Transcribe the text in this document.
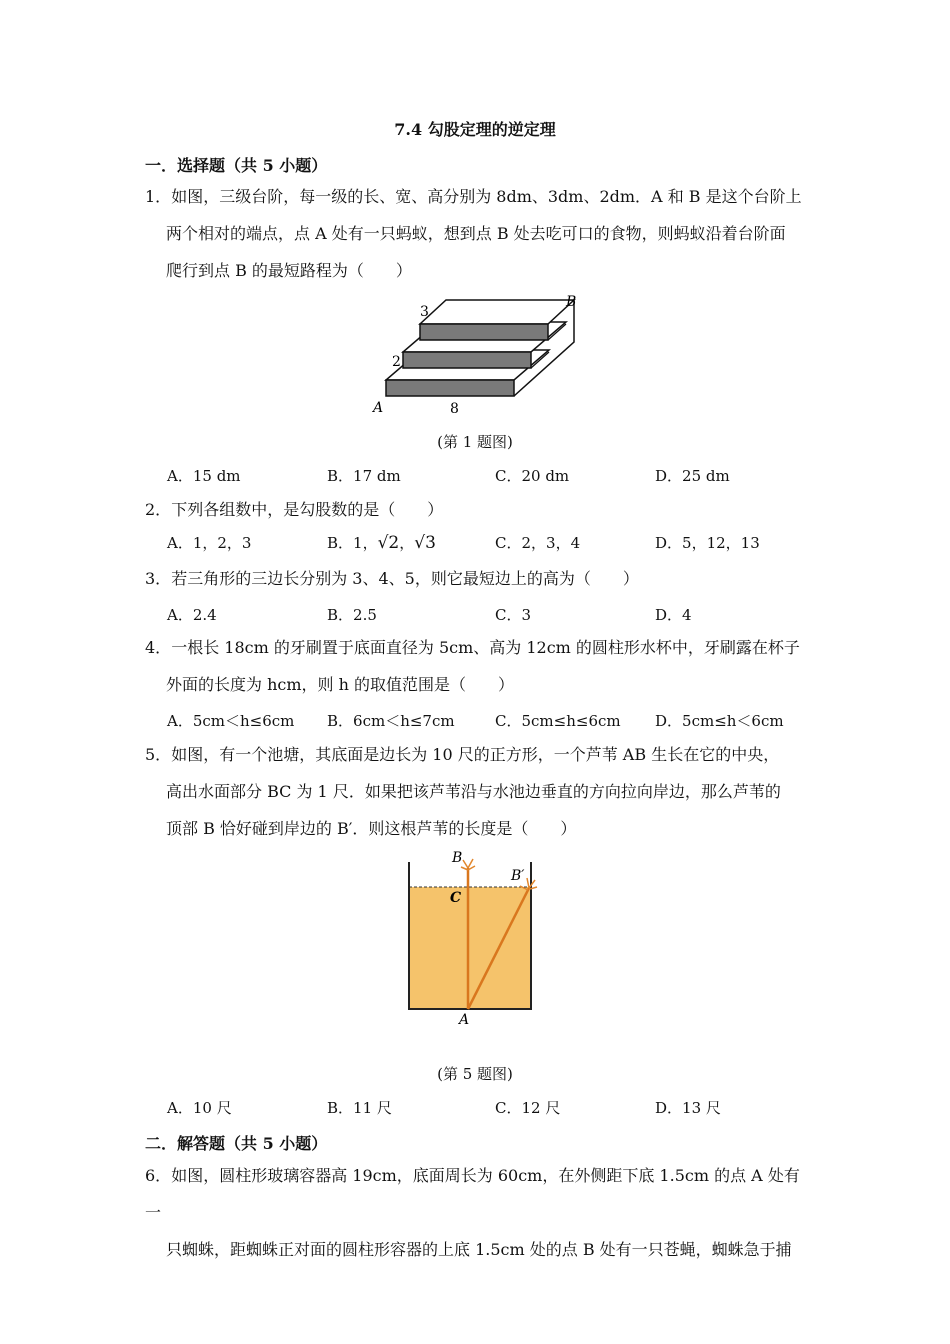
7.4 勾股定理的逆定理
一．选择题（共 5 小题）
1．如图，三级台阶，每一级的长、宽、高分别为 8dm、3dm、2dm．A 和 B 是这个台阶上
两个相对的端点，点 A 处有一只蚂蚁，想到点 B 处去吃可口的食物，则蚂蚁沿着台阶面
爬行到点 B 的最短路程为（　　）
3
2
8
A
B
(第 1 题图)
A．15 dm	B．17 dm	C．20 dm	D．25 dm
2．下列各组数中，是勾股数的是（　　）
A．1，2，3	B．1，√2，√3	C．2，3，4	D．5，12，13
3．若三角形的三边长分别为 3、4、5，则它最短边上的高为（　　）
A．2.4	B．2.5	C．3	D．4
4．一根长 18cm 的牙刷置于底面直径为 5cm、高为 12cm 的圆柱形水杯中，牙刷露在杯子
外面的长度为 hcm，则 h 的取值范围是（　　）
A．5cm＜h≤6cm B．6cm＜h≤7cm	C．5cm≤h≤6cm D．5cm≤h＜6cm
5．如图，有一个池塘，其底面是边长为 10 尺的正方形，一个芦苇 AB 生长在它的中央，
高出水面部分 BC 为 1 尺．如果把该芦苇沿与水池边垂直的方向拉向岸边，那么芦苇的
顶部 B 恰好碰到岸边的 B′．则这根芦苇的长度是（　　）
B
B′
C
A
(第 5 题图)
A．10 尺	B．11 尺	C．12 尺	D．13 尺
二．解答题（共 5 小题）
6．如图，圆柱形玻璃容器高 19cm，底面周长为 60cm，在外侧距下底 1.5cm 的点 A 处有一
只蜘蛛，距蜘蛛正对面的圆柱形容器的上底 1.5cm 处的点 B 处有一只苍蝇，蜘蛛急于捕
